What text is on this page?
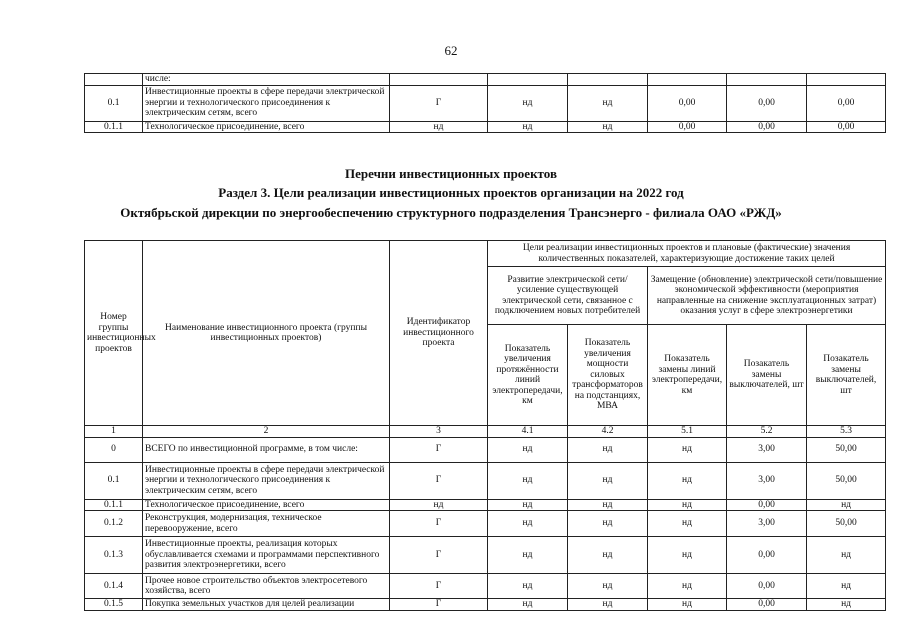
62
	числе:						
0.1	Инвестиционные проекты в сфере передачи электрической энергии и технологического присоединения к электрическим сетям, всего	Г	нд	нд	0,00	0,00	0,00
0.1.1	Технологическое присоединение, всего	нд	нд	нд	0,00	0,00	0,00
Перечни инвестиционных проектов
Раздел 3. Цели реализации инвестиционных проектов организации на 2022 год
Октябрьской дирекции по энергообеспечению структурного подразделения Трансэнерго - филиала ОАО «РЖД»
Номер группы инвестиционных проектов	Наименование инвестиционного проекта (группы инвестиционных проектов)	Идентификатор инвестиционного проекта	Цели реализации инвестиционных проектов и плановые (фактические) значения количественных показателей, характеризующие достижение таких целей				
			Развитие электрической сети/усиление существующей электрической сети, связанное с подключением новых потребителей		Замещение (обновление) электрической сети/повышение экономической эффективности (мероприятия направленные на снижение эксплуатационных затрат) оказания услуг в сфере электроэнергетики		
			Показатель увеличения протяжённости линий электропередачи, км	Показатель увеличения мощности силовых трансформаторов на подстанциях, МВА	Показатель замены линий электропередачи, км	Позакатель замены выключателей, шт	Позакатель замены выключателей, шт
1	2	3	4.1	4.2	5.1	5.2	5.3
0	ВСЕГО по инвестиционной программе, в том числе:	Г	нд	нд	нд	3,00	50,00
0.1	Инвестиционные проекты в сфере передачи электрической энергии и технологического присоединения к электрическим сетям, всего	Г	нд	нд	нд	3,00	50,00
0.1.1	Технологическое присоединение, всего	нд	нд	нд	нд	0,00	нд
0.1.2	Реконструкция, модернизация, техническое перевооружение, всего	Г	нд	нд	нд	3,00	50,00
0.1.3	Инвестиционные проекты, реализация которых обуславливается схемами и программами перспективного развития электроэнергетики, всего	Г	нд	нд	нд	0,00	нд
0.1.4	Прочее новое строительство объектов электросетевого хозяйства, всего	Г	нд	нд	нд	0,00	нд
0.1.5	Покупка земельных участков для целей реализации	Г	нд	нд	нд	0,00	нд
